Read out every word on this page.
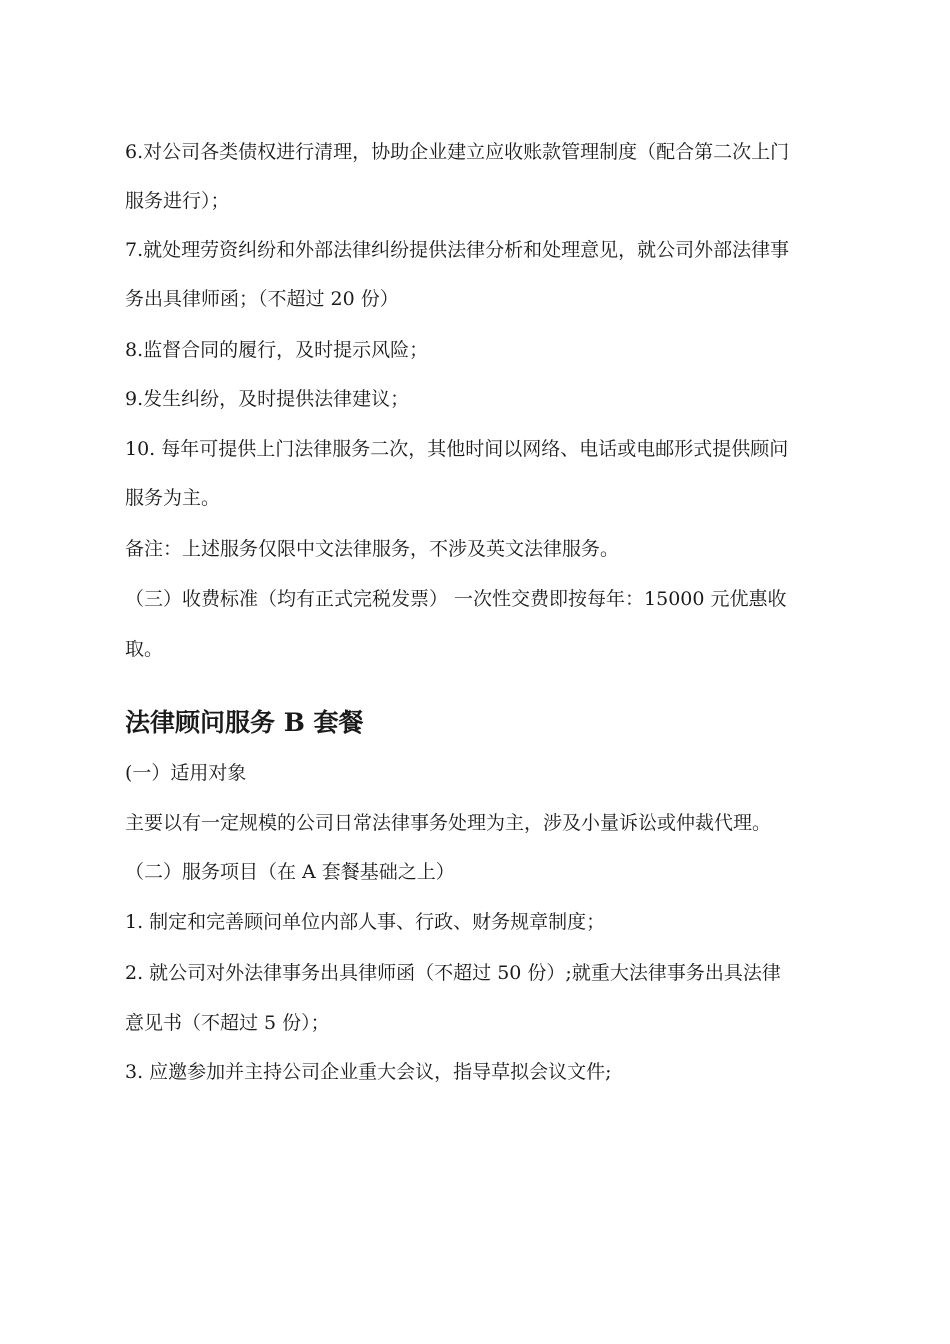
6.对公司各类债权进行清理，协助企业建立应收账款管理制度（配合第二次上门
服务进行）；
7.就处理劳资纠纷和外部法律纠纷提供法律分析和处理意见，就公司外部法律事
务出具律师函；（不超过 20 份）
8.监督合同的履行，及时提示风险；
9.发生纠纷，及时提供法律建议；
10. 每年可提供上门法律服务二次，其他时间以网络、电话或电邮形式提供顾问
服务为主。
备注：上述服务仅限中文法律服务，不涉及英文法律服务。
（三）收费标准（均有正式完税发票） 一次性交费即按每年：15000 元优惠收
取。
法律顾问服务 B 套餐
(一）适用对象
主要以有一定规模的公司日常法律事务处理为主，涉及小量诉讼或仲裁代理。
（二）服务项目（在 A 套餐基础之上）
1. 制定和完善顾问单位内部人事、行政、财务规章制度；
2. 就公司对外法律事务出具律师函（不超过 50 份）;就重大法律事务出具法律
意见书（不超过 5 份）；
3. 应邀参加并主持公司企业重大会议，指导草拟会议文件;
